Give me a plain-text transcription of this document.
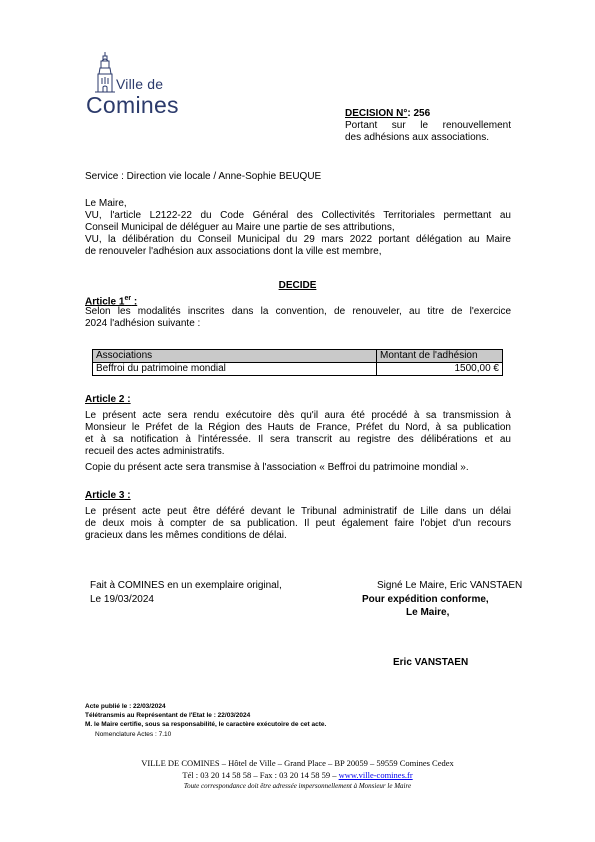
Ville de
Comines	DECISION N°: 256
Portant sur le renouvellement
des adhésions aux associations.
Service : Direction vie locale / Anne-Sophie BEUQUE
Le Maire,
VU, l'article L2122-22 du Code Général des Collectivités Territoriales permettant au
Conseil Municipal de déléguer au Maire une partie de ses attributions,
VU, la délibération du Conseil Municipal du 29 mars 2022 portant délégation au Maire
de renouveler l'adhésion aux associations dont la ville est membre,
DECIDE
Article 1er :
Selon les modalités inscrites dans la convention, de renouveler, au titre de l'exercice
2024 l'adhésion suivante :
Associations	Montant de l'adhésion
Beffroi du patrimoine mondial	1500,00 €
Article 2 :
Le présent acte sera rendu exécutoire dès qu'il aura été procédé à sa transmission à
Monsieur le Préfet de la Région des Hauts de France, Préfet du Nord, à sa publication
et à sa notification à l'intéressée. Il sera transcrit au registre des délibérations et au
recueil des actes administratifs.
Copie du présent acte sera transmise à l'association « Beffroi du patrimoine mondial ».
Article 3 :
Le présent acte peut être déféré devant le Tribunal administratif de Lille dans un délai
de deux mois à compter de sa publication. Il peut également faire l'objet d'un recours
gracieux dans les mêmes conditions de délai.
Fait à COMINES en un exemplaire original,
Le 19/03/2024
Signé Le Maire, Eric VANSTAEN
Pour expédition conforme,
Le Maire,
Eric VANSTAEN
Acte publié le : 22/03/2024
Télétransmis au Représentant de l'Etat le : 22/03/2024
M. le Maire certifie, sous sa responsabilité, le caractère exécutoire de cet acte.
Nomenclature Actes : 7.10
VILLE DE COMINES – Hôtel de Ville – Grand Place – BP 20059 – 59559 Comines Cedex
Tél : 03 20 14 58 58 – Fax : 03 20 14 58 59 – www.ville-comines.fr
Toute correspondance doit être adressée impersonnellement à Monsieur le Maire
